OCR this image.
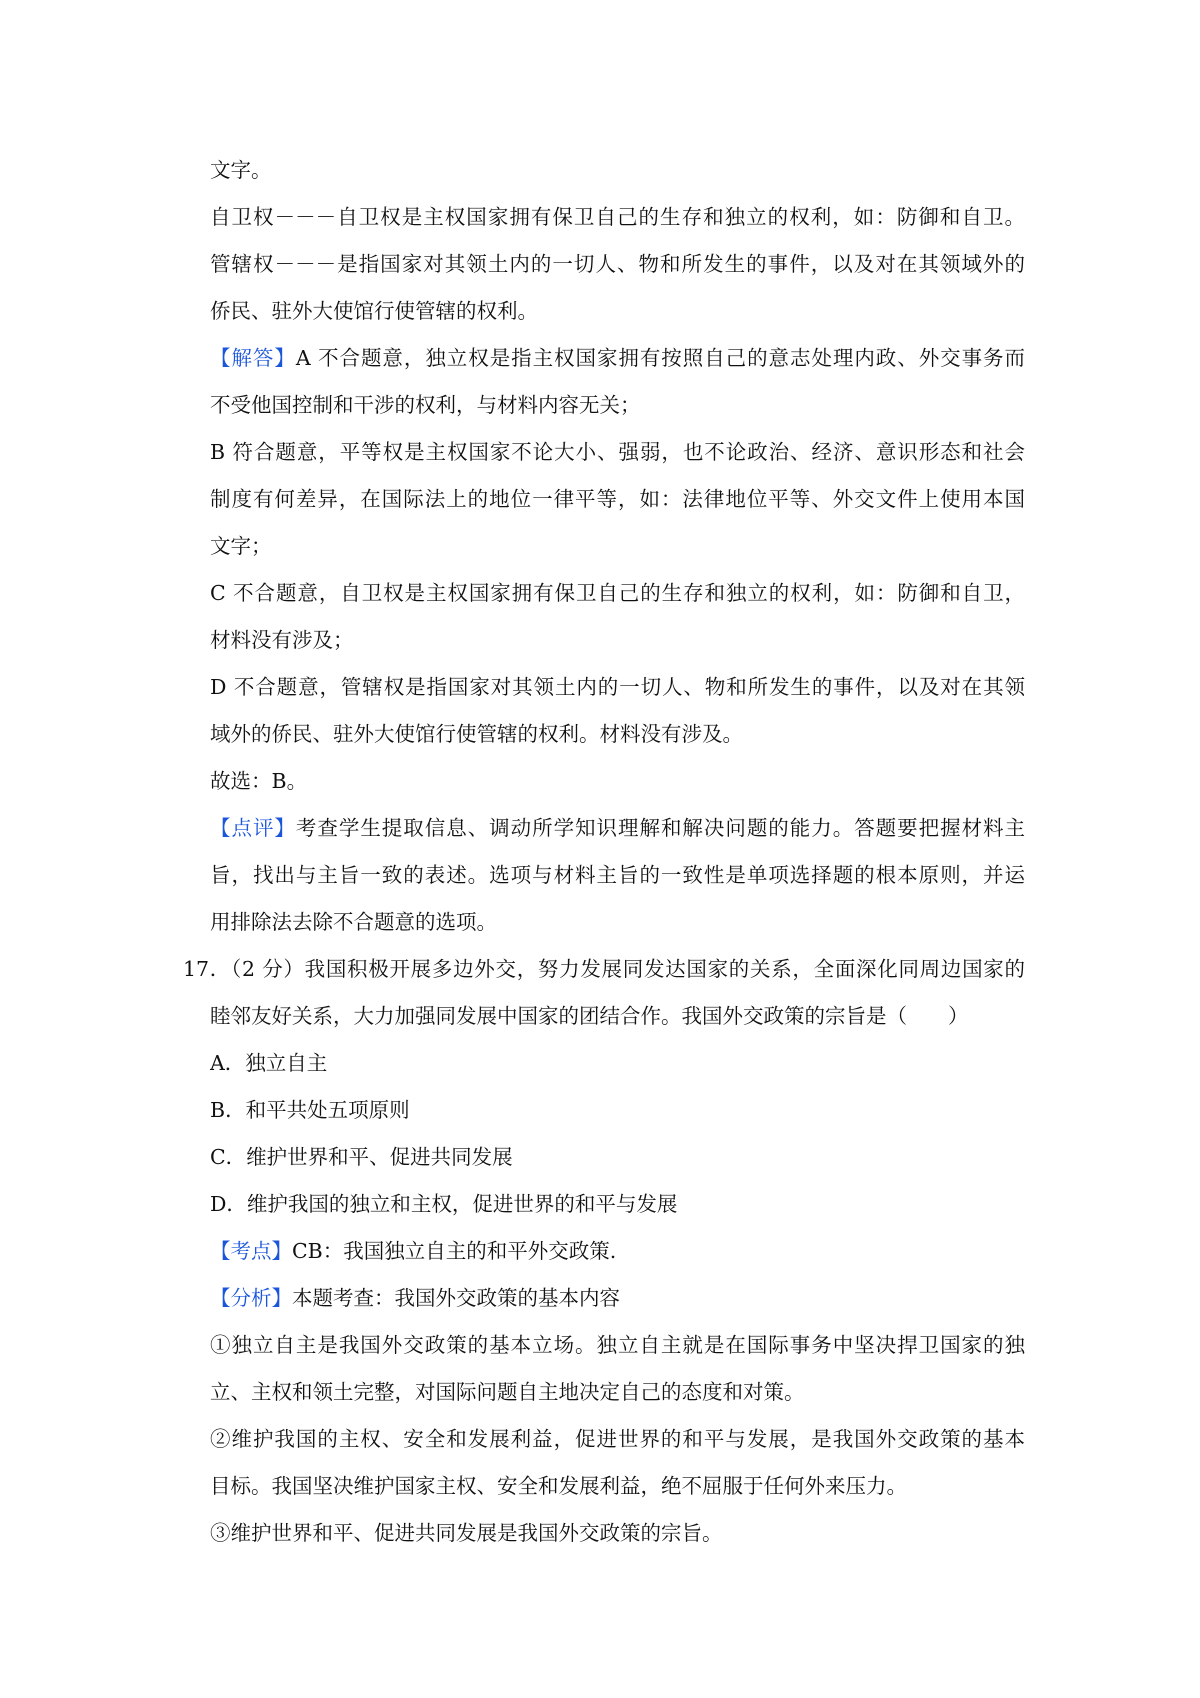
文字。
自卫权－－－自卫权是主权国家拥有保卫自己的生存和独立的权利，如：防御和自卫。
管辖权－－－是指国家对其领土内的一切人、物和所发生的事件，以及对在其领域外的
侨民、驻外大使馆行使管辖的权利。
【解答】A 不合题意，独立权是指主权国家拥有按照自己的意志处理内政、外交事务而
不受他国控制和干涉的权利，与材料内容无关；
B 符合题意，平等权是主权国家不论大小、强弱，也不论政治、经济、意识形态和社会
制度有何差异，在国际法上的地位一律平等，如：法律地位平等、外交文件上使用本国
文字；
C 不合题意，自卫权是主权国家拥有保卫自己的生存和独立的权利，如：防御和自卫，
材料没有涉及；
D 不合题意，管辖权是指国家对其领土内的一切人、物和所发生的事件，以及对在其领
域外的侨民、驻外大使馆行使管辖的权利。材料没有涉及。
故选：B。
【点评】考查学生提取信息、调动所学知识理解和解决问题的能力。答题要把握材料主
旨，找出与主旨一致的表述。选项与材料主旨的一致性是单项选择题的根本原则，并运
用排除法去除不合题意的选项。
17．（2 分）我国积极开展多边外交，努力发展同发达国家的关系，全面深化同周边国家的
睦邻友好关系，大力加强同发展中国家的团结合作。我国外交政策的宗旨是（　　）
A．独立自主
B．和平共处五项原则
C．维护世界和平、促进共同发展
D．维护我国的独立和主权，促进世界的和平与发展
【考点】CB：我国独立自主的和平外交政策.
【分析】本题考查：我国外交政策的基本内容
①独立自主是我国外交政策的基本立场。独立自主就是在国际事务中坚决捍卫国家的独
立、主权和领土完整，对国际问题自主地决定自己的态度和对策。
②维护我国的主权、安全和发展利益，促进世界的和平与发展，是我国外交政策的基本
目标。我国坚决维护国家主权、安全和发展利益，绝不屈服于任何外来压力。
③维护世界和平、促进共同发展是我国外交政策的宗旨。
